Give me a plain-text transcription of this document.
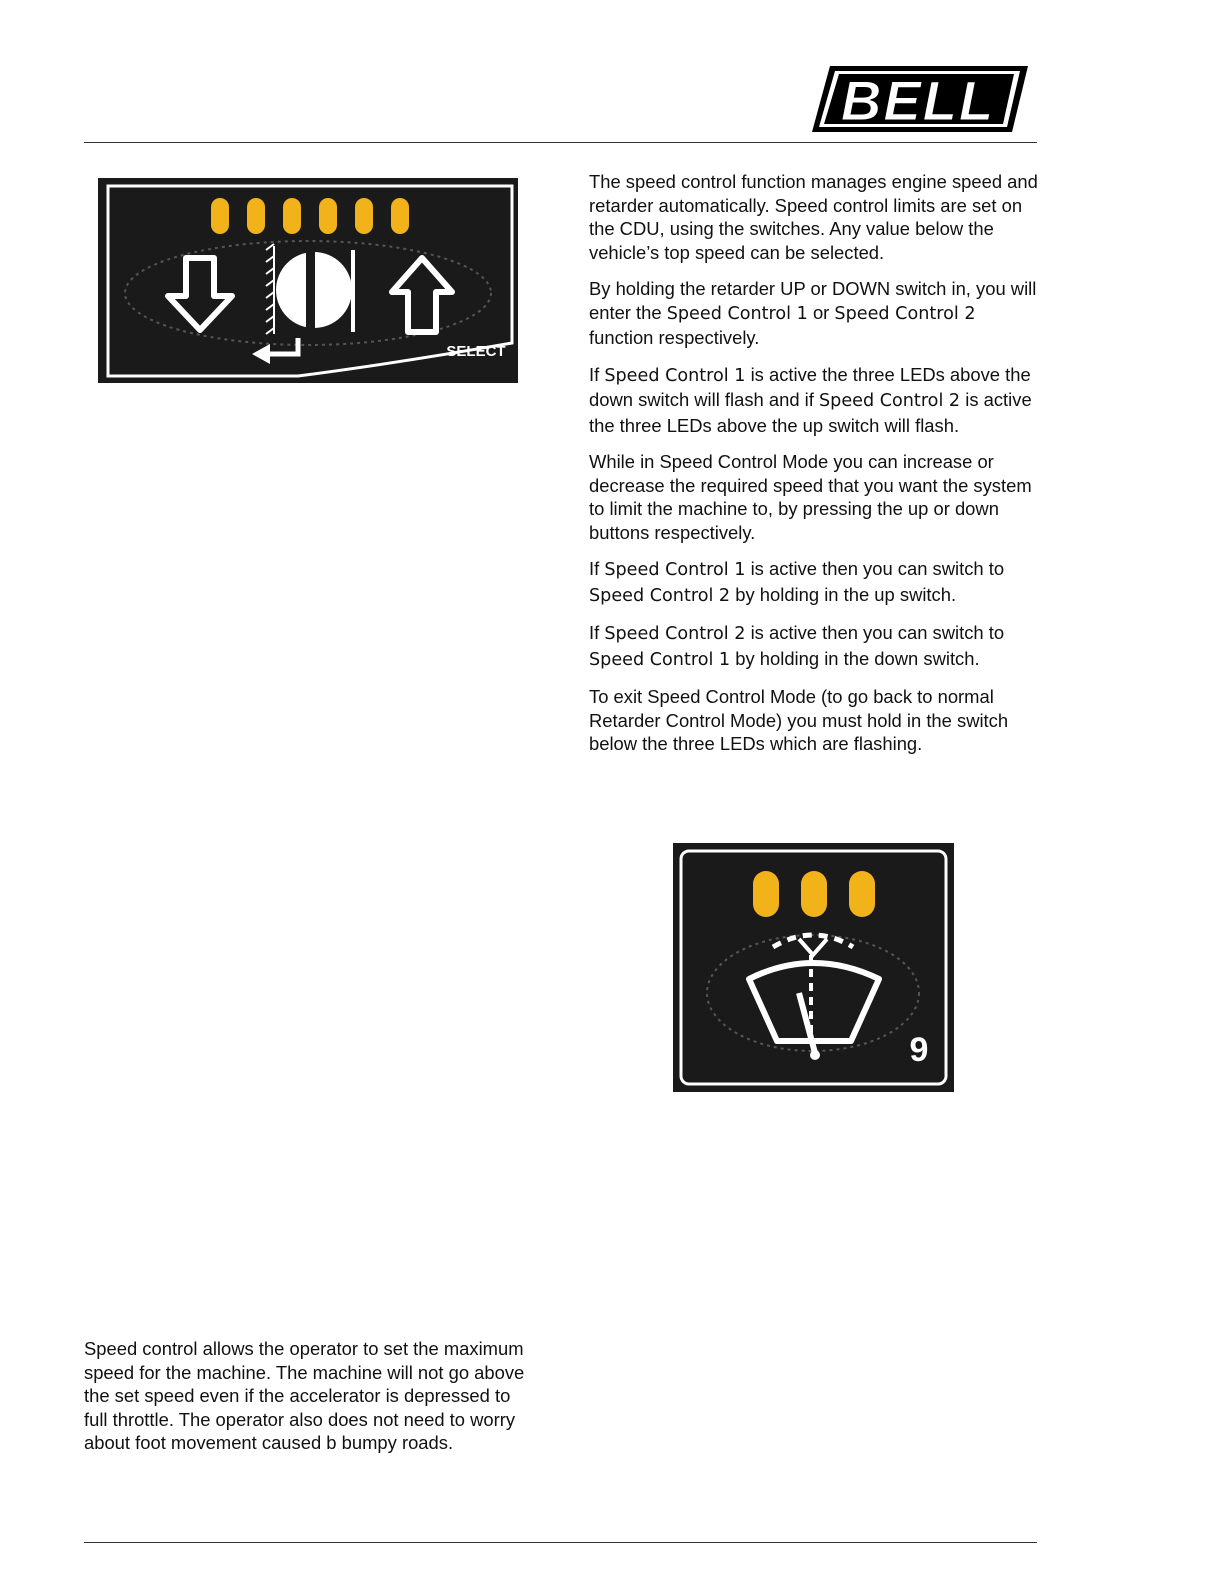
BELL
SELECT
9

The speed control function manages engine speed and retarder automatically. Speed control limits are set on the CDU, using the switches. Any value below the vehicle’s top speed can be selected.

By holding the retarder UP or DOWN switch in, you will enter the Speed Control 1 or Speed Control 2 function respectively.

If Speed Control 1 is active the three LEDs above the down switch will flash and if Speed Control 2 is active the three LEDs above the up switch will flash.

While in Speed Control Mode you can increase or decrease the required speed that you want the system to limit the machine to, by pressing the up or down buttons respectively.

If Speed Control 1 is active then you can switch to Speed Control 2 by holding in the up switch.

If Speed Control 2 is active then you can switch to Speed Control 1 by holding in the down switch.

To exit Speed Control Mode (to go back to normal Retarder Control Mode) you must hold in the switch below the three LEDs which are flashing.

Speed control allows the operator to set the maximum speed for the machine. The machine will not go above the set speed even if the accelerator is depressed to full throttle. The operator also does not need to worry about foot movement caused b bumpy roads.
